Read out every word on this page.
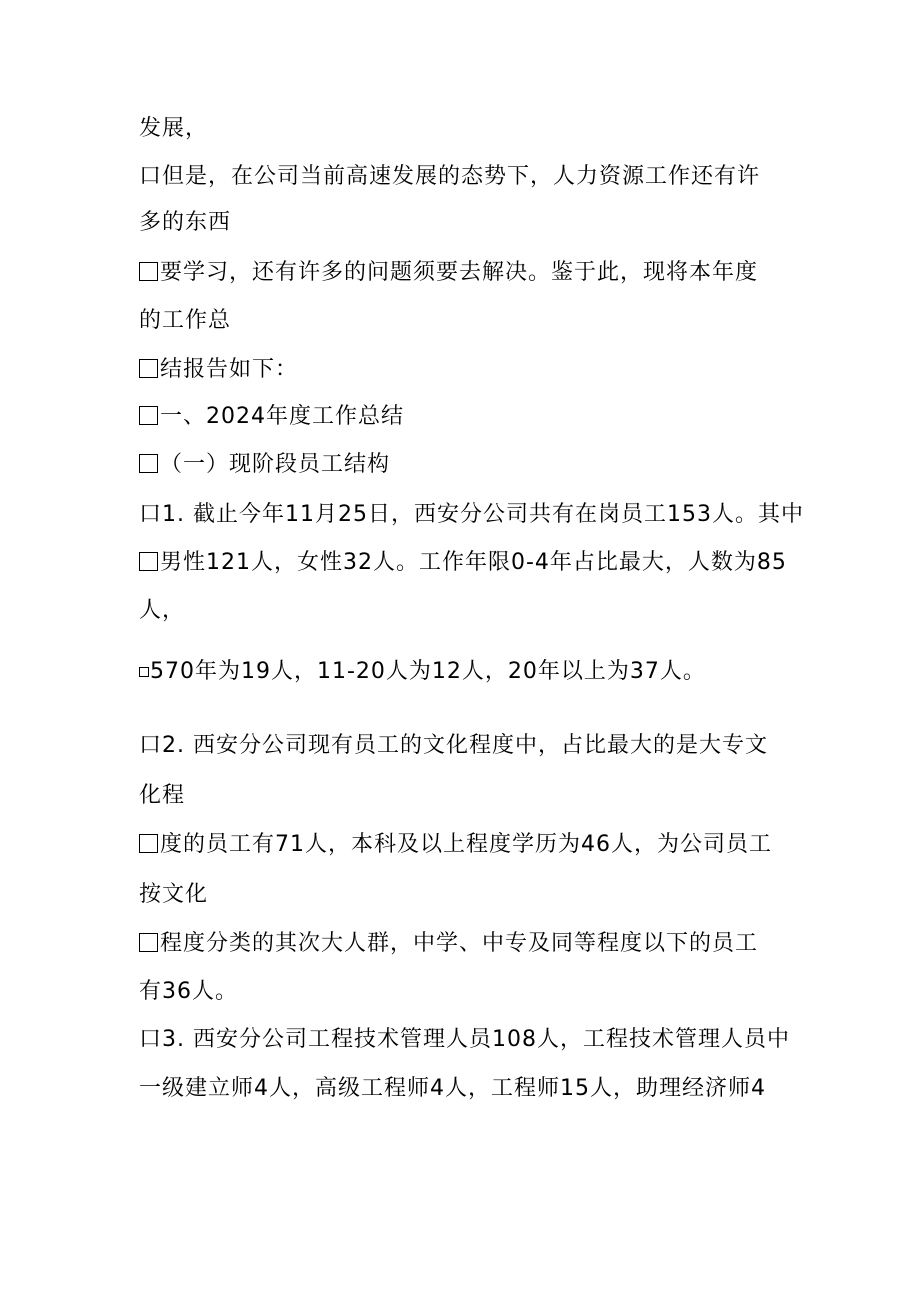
发展，
口但是，在公司当前高速发展的态势下，人力资源工作还有许
多的东西
要学习，还有许多的问题须要去解决。鉴于此，现将本年度
的工作总
结报告如下：
一、2024年度工作总结
（一）现阶段员工结构
口1. 截止今年11月25日，西安分公司共有在岗员工153人。其中
男性121人，女性32人。工作年限0-4年占比最大，人数为85
人，
570年为19人，11-20人为12人，20年以上为37人。
口2. 西安分公司现有员工的文化程度中，占比最大的是大专文
化程
度的员工有71人，本科及以上程度学历为46人，为公司员工
按文化
程度分类的其次大人群，中学、中专及同等程度以下的员工
有36人。
口3. 西安分公司工程技术管理人员108人，工程技术管理人员中
一级建立师4人，高级工程师4人，工程师15人，助理经济师4
